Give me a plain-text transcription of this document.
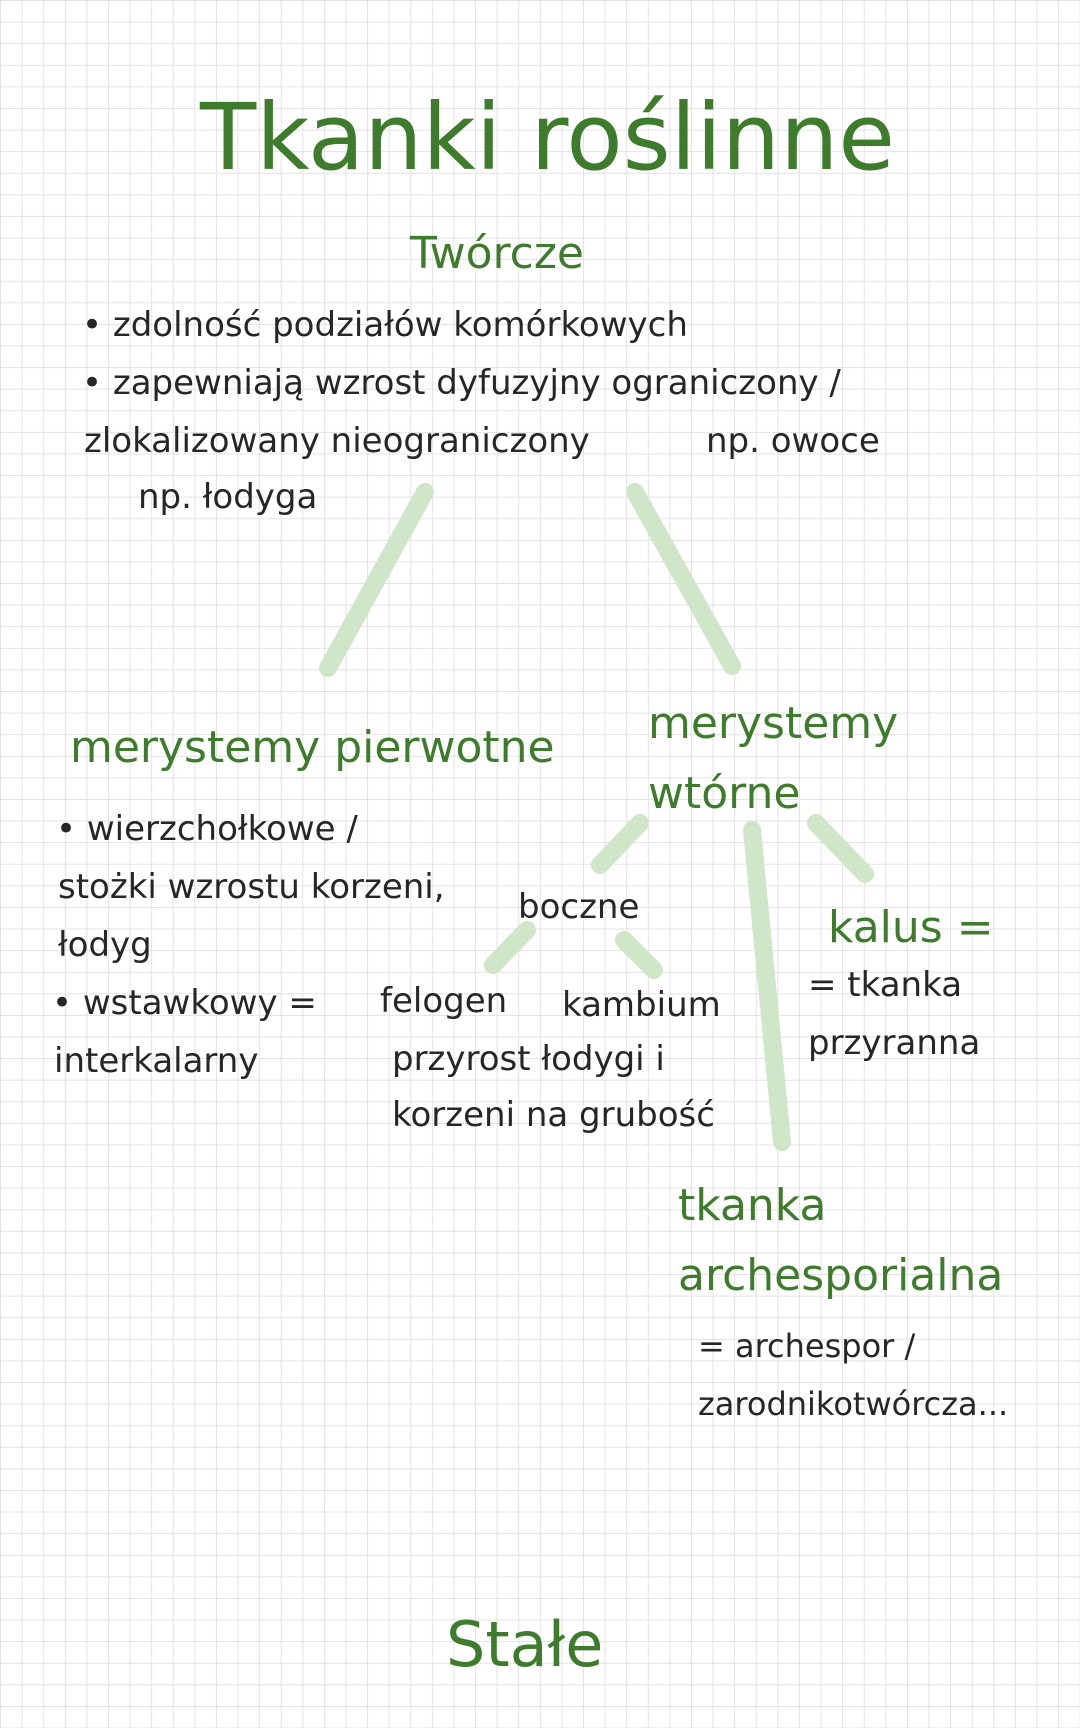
Tkanki roślinne
Twórcze
• zdolność podziałów komórkowych
• zapewniają wzrost dyfuzyjny ograniczony /
zlokalizowany nieograniczony	np. owoce
np. łodyga
merystemy pierwotne
• wierzchołkowe /
stożki wzrostu korzeni,
łodyg
• wstawkowy =
interkalarny
merystemy
wtórne
boczne
felogen kambium
przyrost łodygi i
korzeni na grubość
kalus =
= tkanka
przyranna
tkanka
archesporialna
= archespor /
zarodnikotwórcza...
Stałe
